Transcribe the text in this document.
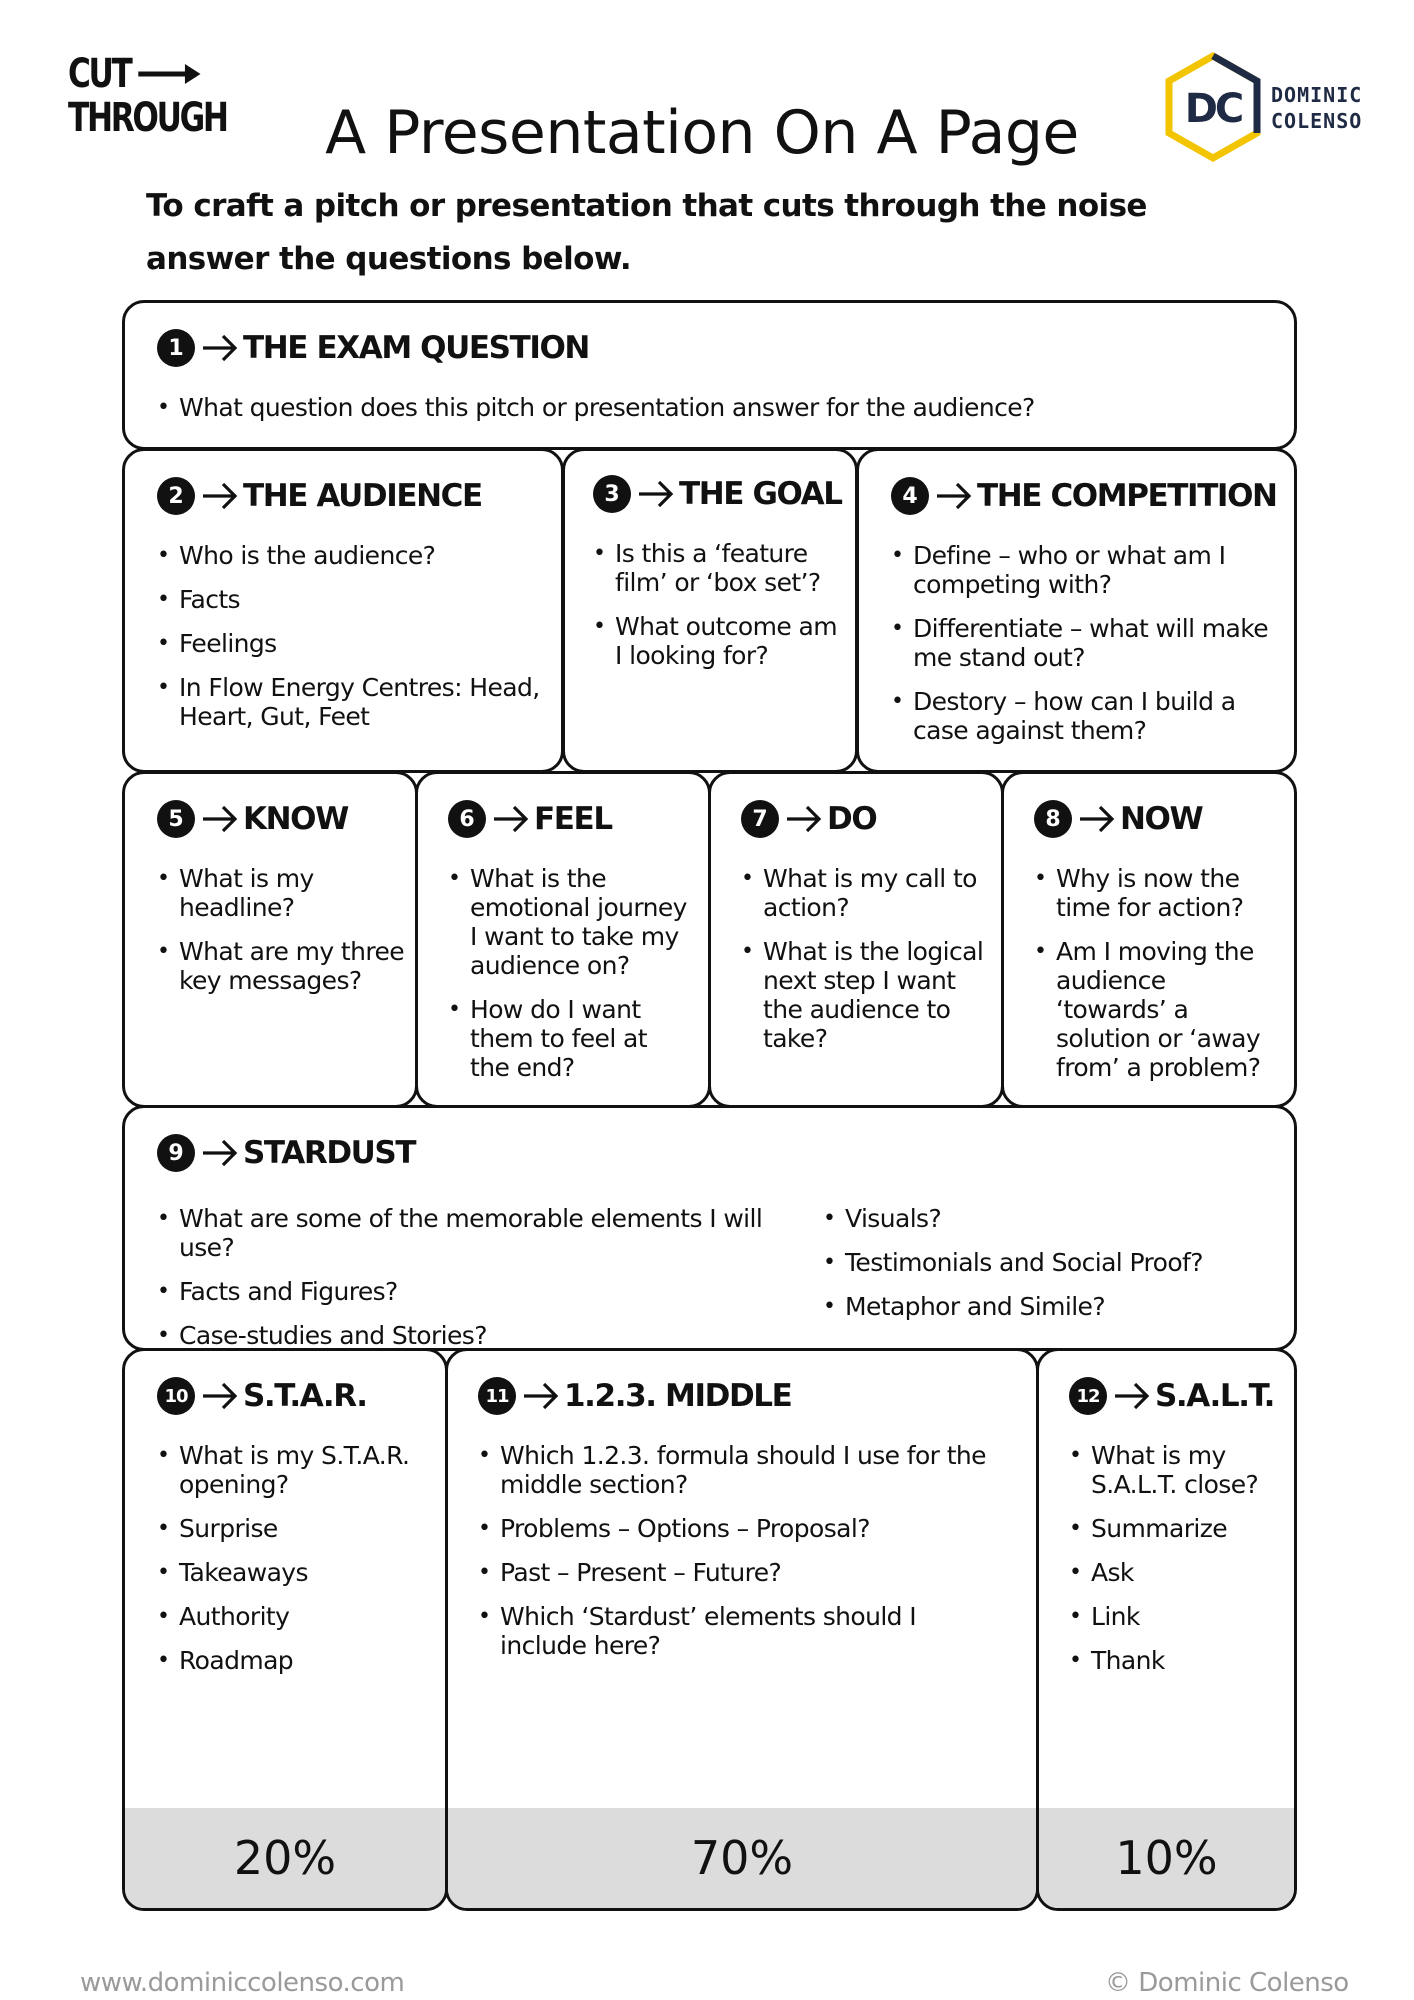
CUT
THROUGH	DC DOMINIC
COLENSO
A Presentation On A Page

To craft a pitch or presentation that cuts through the noise answer the questions below.

1	THE EXAM QUESTION
• What question does this pitch or presentation answer for the audience?
2	THE AUDIENCE
• Who is the audience?
• Facts
• Feelings
• In Flow Energy Centres: Head, Heart, Gut, Feet
3	THE GOAL
• Is this a ‘feature film’ or ‘box set’?
• What outcome am I looking for?
4	THE COMPETITION
• Define – who or what am I competing with?
• Differentiate – what will make me stand out?
• Destory – how can I build a case against them?
5	KNOW
• What is my headline?
• What are my three key messages?
6	FEEL
• What is the emotional journey I want to take my audience on?
• How do I want them to feel at the end?
7	DO
• What is my call to action?
• What is the logical next step I want the audience to take?
8	NOW
• Why is now the time for action?
• Am I moving the audience ‘towards’ a solution or ‘away from’ a problem?
9	STARDUST
• What are some of the memorable elements I will use?
• Facts and Figures?
• Case-studies and Stories?
• Visuals?
• Testimonials and Social Proof?
• Metaphor and Simile?
10 S.T.A.R.
• What is my S.T.A.R. opening?
• Surprise
• Takeaways
• Authority
• Roadmap
20%
11 1.2.3. MIDDLE
• Which 1.2.3. formula should I use for the middle section?
• Problems – Options – Proposal?
• Past – Present – Future?
• Which ‘Stardust’ elements should I include here?
70%
12 S.A.L.T.
• What is my S.A.L.T. close?
• Summarize
• Ask
• Link
• Thank
10%
www.dominiccolenso.com	© Dominic Colenso
